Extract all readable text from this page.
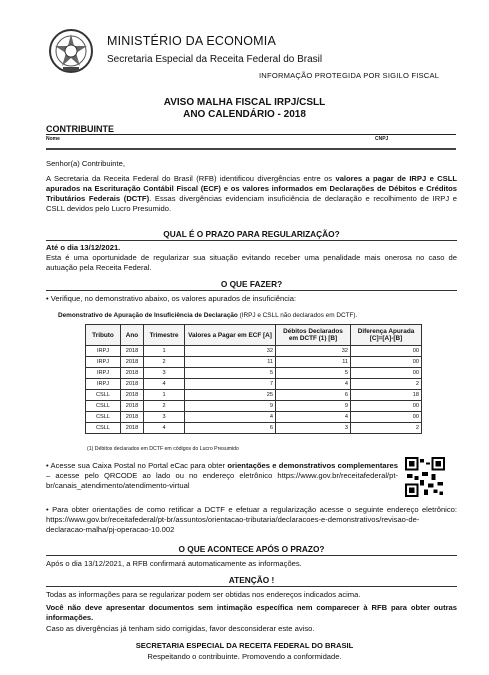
MINISTÉRIO DA ECONOMIA
Secretaria Especial da Receita Federal do Brasil
INFORMAÇÃO PROTEGIDA POR SIGILO FISCAL
AVISO MALHA FISCAL IRPJ/CSLL
ANO CALENDÁRIO - 2018
CONTRIBUINTE
Nome	CNPJ
Senhor(a) Contribuinte,
A Secretaria da Receita Federal do Brasil (RFB) identificou divergências entre os valores a pagar de IRPJ e CSLL apurados na Escrituração Contábil Fiscal (ECF) e os valores informados em Declarações de Débitos e Créditos Tributários Federais (DCTF). Essas divergências evidenciam insuficiência de declaração e recolhimento de IRPJ e CSLL devidos pelo Lucro Presumido.
QUAL É O PRAZO PARA REGULARIZAÇÃO?
Até o dia 13/12/2021.
Esta é uma oportunidade de regularizar sua situação evitando receber uma penalidade mais onerosa no caso de autuação pela Receita Federal.
O QUE FAZER?
• Verifique, no demonstrativo abaixo, os valores apurados de insuficiência:
Demonstrativo de Apuração de Insuficiência de Declaração (IRPJ e CSLL não declarados em DCTF).
Tributo	Ano	Trimestre	Valores a Pagar em ECF [A]	Débitos Declarados em DCTF (1) [B]	Diferença Apurada [C]=[A]-[B]
IRPJ	2018	1	32	32	00
IRPJ	2018	2	11	11	00
IRPJ	2018	3	5	5	00
IRPJ	2018	4	7	4	2
CSLL	2018	1	25	6	18
CSLL	2018	2	9	9	00
CSLL	2018	3	4	4	00
CSLL	2018	4	6	3	2
(1) Débitos declarados em DCTF em códigos do Lucro Presumido
• Acesse sua Caixa Postal no Portal eCac para obter orientações e demonstrativos complementares – acesse pelo QRCODE ao lado ou no endereço eletrônico https://www.gov.br/receitafederal/pt-br/canais_atendimento/atendimento-virtual
• Para obter orientações de como retificar a DCTF e efetuar a regularização acesse o seguinte endereço eletrônico: https://www.gov.br/receitafederal/pt-br/assuntos/orientacao-tributaria/declaracoes-e-demonstrativos/revisao-de-declaracao-malha/pj-operacao-10.002
O QUE ACONTECE APÓS O PRAZO?
Após o dia 13/12/2021, a RFB confirmará automaticamente as informações.
ATENÇÃO !
Todas as informações para se regularizar podem ser obtidas nos endereços indicados acima.
Você não deve apresentar documentos sem intimação específica nem comparecer à RFB para obter outras informações.
Caso as divergências já tenham sido corrigidas, favor desconsiderar este aviso.
SECRETARIA ESPECIAL DA RECEITA FEDERAL DO BRASIL
Respeitando o contribuinte. Promovendo a conformidade.
